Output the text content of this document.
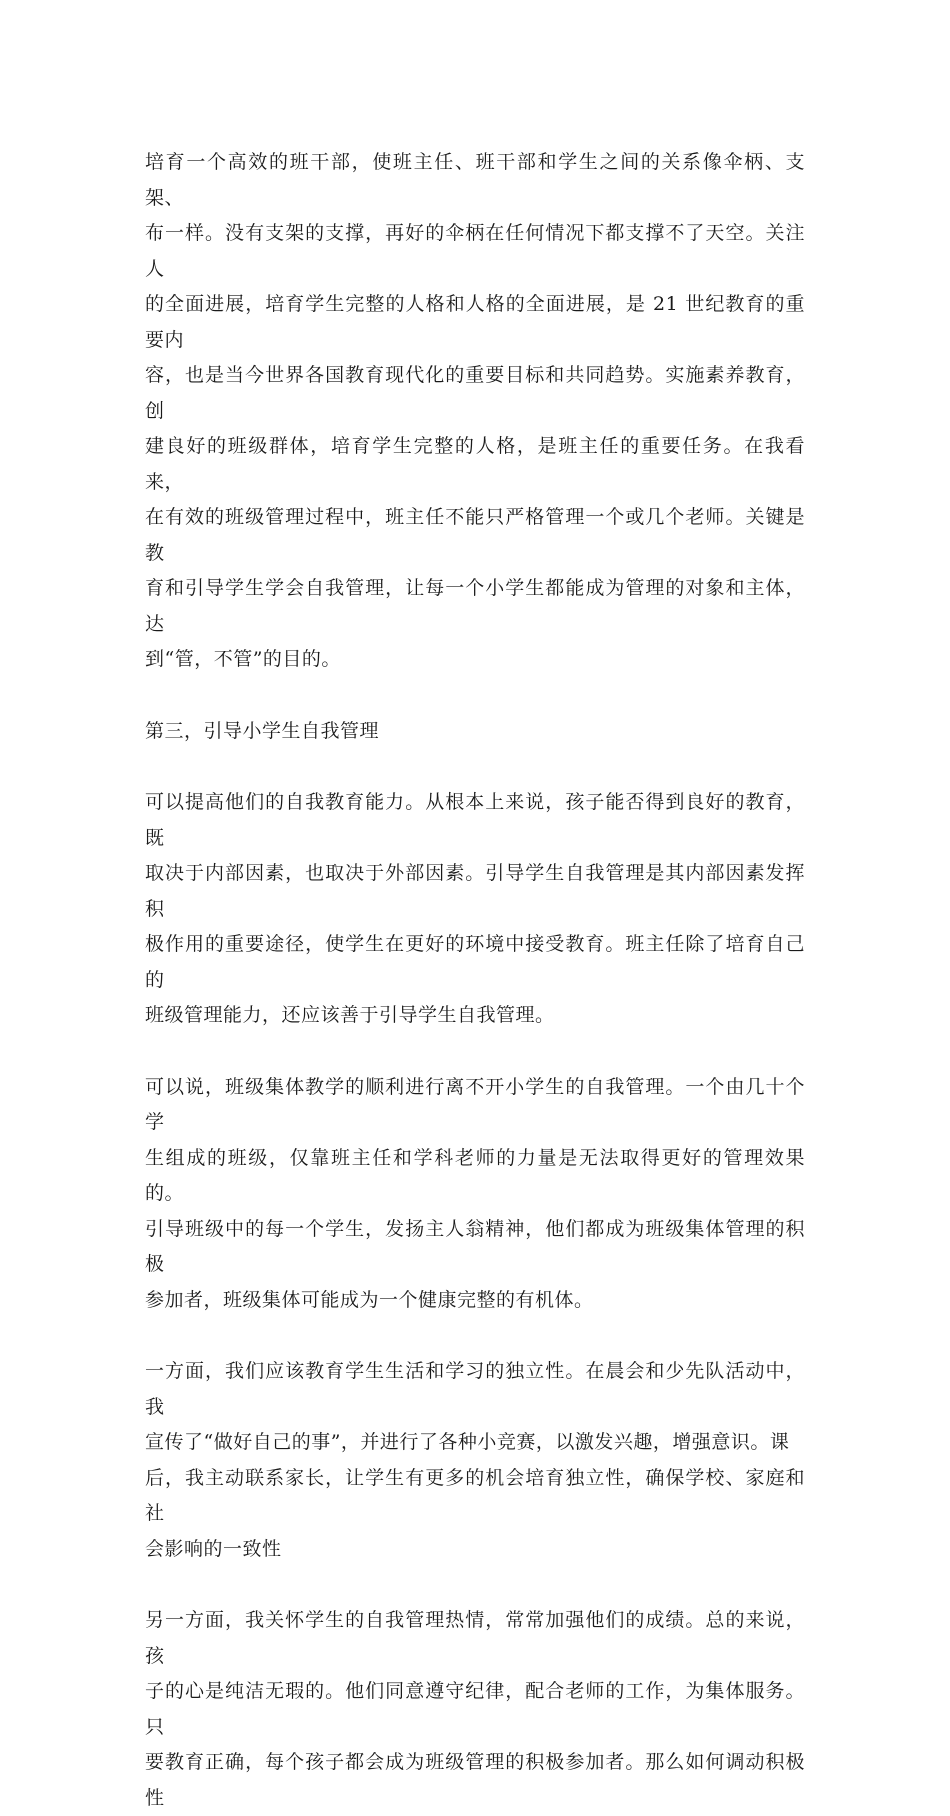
培育一个高效的班干部，使班主任、班干部和学生之间的关系像伞柄、支架、
布一样。没有支架的支撑，再好的伞柄在任何情况下都支撑不了天空。关注人
的全面进展，培育学生完整的人格和人格的全面进展，是 21 世纪教育的重要内
容，也是当今世界各国教育现代化的重要目标和共同趋势。实施素养教育，创
建良好的班级群体，培育学生完整的人格，是班主任的重要任务。在我看来，
在有效的班级管理过程中，班主任不能只严格管理一个或几个老师。关键是教
育和引导学生学会自我管理，让每一个小学生都能成为管理的对象和主体，达
到“管，不管”的目的。

第三，引导小学生自我管理

可以提高他们的自我教育能力。从根本上来说，孩子能否得到良好的教育，既
取决于内部因素，也取决于外部因素。引导学生自我管理是其内部因素发挥积
极作用的重要途径，使学生在更好的环境中接受教育。班主任除了培育自己的
班级管理能力，还应该善于引导学生自我管理。

可以说，班级集体教学的顺利进行离不开小学生的自我管理。一个由几十个学
生组成的班级，仅靠班主任和学科老师的力量是无法取得更好的管理效果的。
引导班级中的每一个学生，发扬主人翁精神，他们都成为班级集体管理的积极
参加者，班级集体可能成为一个健康完整的有机体。

一方面，我们应该教育学生生活和学习的独立性。在晨会和少先队活动中，我
宣传了“做好自己的事”，并进行了各种小竞赛，以激发兴趣，增强意识。课
后，我主动联系家长，让学生有更多的机会培育独立性，确保学校、家庭和社
会影响的一致性

另一方面，我关怀学生的自我管理热情，常常加强他们的成绩。总的来说，孩
子的心是纯洁无瑕的。他们同意遵守纪律，配合老师的工作，为集体服务。只
要教育正确，每个孩子都会成为班级管理的积极参加者。那么如何调动积极性
